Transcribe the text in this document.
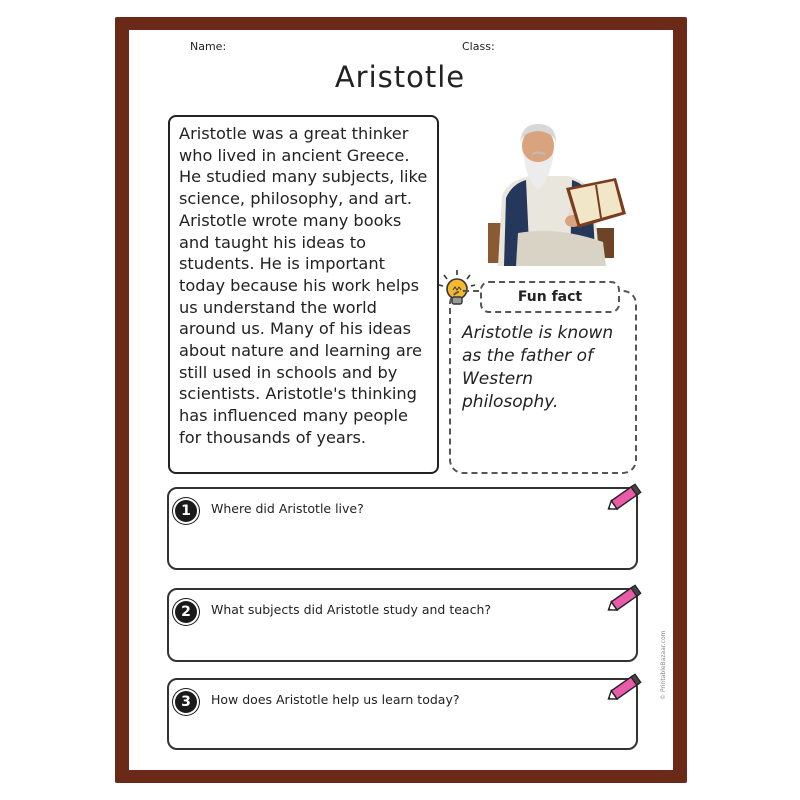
Name:	Class:
Aristotle
Aristotle was a great thinker who lived in ancient Greece. He studied many subjects, like science, philosophy, and art. Aristotle wrote many books and taught his ideas to students. He is important today because his work helps us understand the world around us. Many of his ideas about nature and learning are still used in schools and by scientists. Aristotle's thinking has influenced many people for thousands of years.
Aristotle is known as the father of Western philosophy.
Fun fact
1	Where did Aristotle live?
2	What subjects did Aristotle study and teach?
3	How does Aristotle help us learn today?	© PrintableBazaar.com
